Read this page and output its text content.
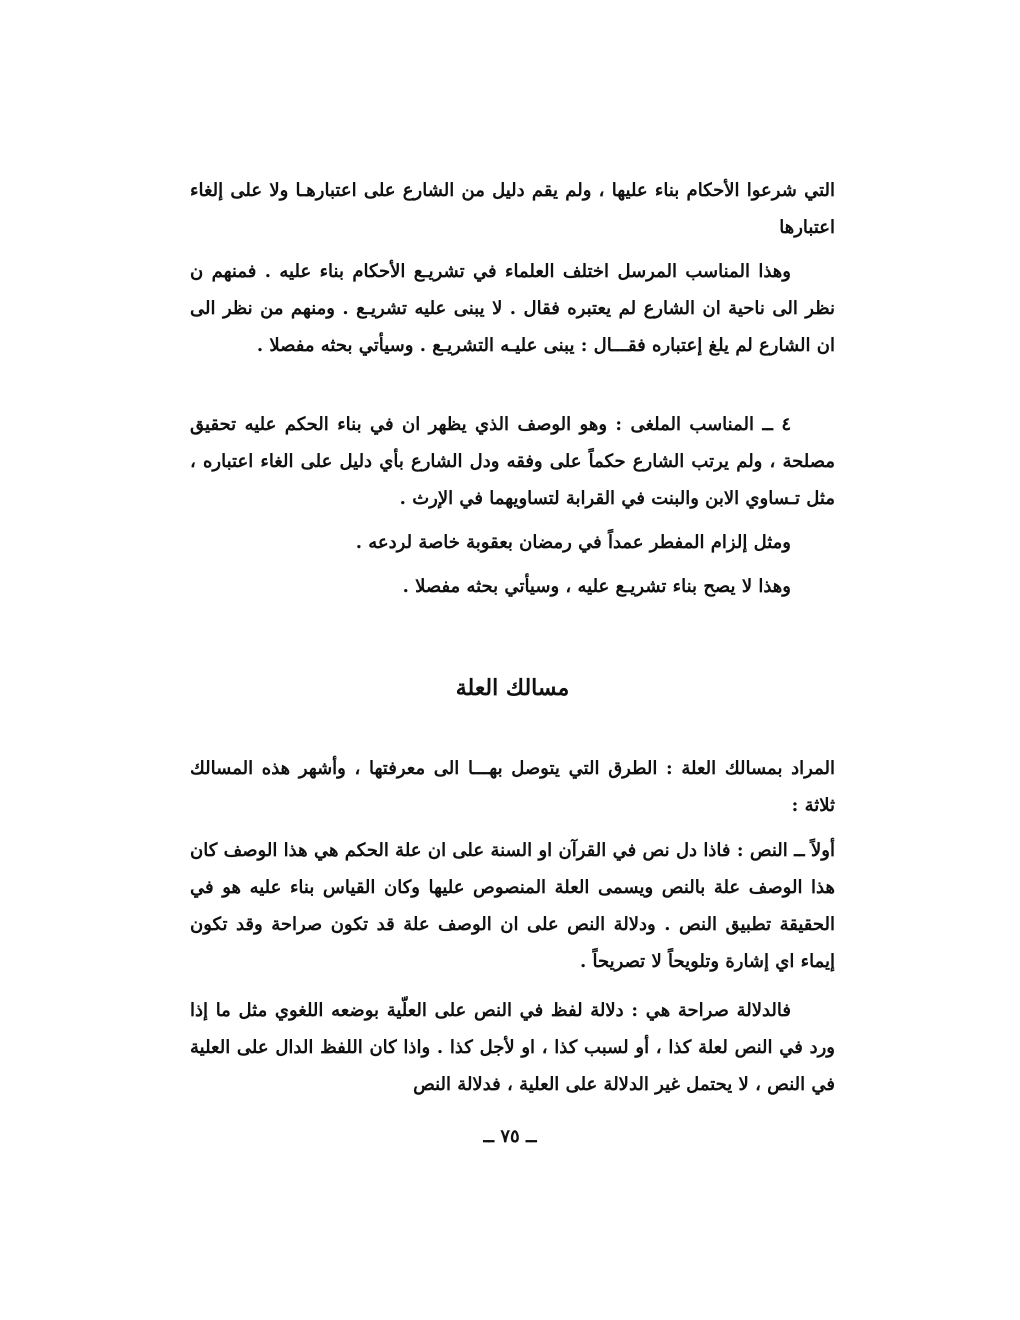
التي شرعوا الأحكام بناء عليها ، ولم يقم دليل من الشارع على اعتبارهـا ولا على إلغاء اعتبارها
وهذا المناسب المرسل اختلف العلماء في تشريـع الأحكام بناء عليه . فمنهم ن نظر الى ناحية ان الشارع لم يعتبره فقال . لا يبنى عليه تشريـع . ومنهم من نظر الى ان الشارع لم يلغ إعتباره فقـــال : يبنى عليـه التشريـع . وسيأتي بحثه مفصلا .
٤ ــ المناسب الملغى : وهو الوصف الذي يظهر ان في بناء الحكم عليه تحقيق مصلحة ، ولم يرتب الشارع حكماً على وفقه ودل الشارع بأي دليل على الغاء اعتباره ، مثل تـساوي الابن والبنت في القرابة لتساويهما في الإرث .
ومثل إلزام المفطر عمداً في رمضان بعقوبة خاصة لردعه .
وهذا لا يصح بناء تشريـع عليه ، وسيأتي بحثه مفصلا .
مسالك العلة
المراد بمسالك العلة : الطرق التي يتوصل بهـــا الى معرفتها ، وأشهر هذه المسالك ثلاثة :
أولاً ــ النص : فاذا دل نص في القرآن او السنة على ان علة الحكم هي هذا الوصف كان هذا الوصف علة بالنص ويسمى العلة المنصوص عليها وكان القياس بناء عليه هو في الحقيقة تطبيق النص . ودلالة النص على ان الوصف علة قد تكون صراحة وقد تكون إيماء اي إشارة وتلويحاً لا تصريحاً .
فالدلالة صراحة هي : دلالة لفظ في النص على العلّية بوضعه اللغوي مثل ما إذا ورد في النص لعلة كذا ، أو لسبب كذا ، او لأجل كذا . واذا كان اللفظ الدال على العلية في النص ، لا يحتمل غير الدلالة على العلية ، فدلالة النص
ــ ٧٥ ــ
